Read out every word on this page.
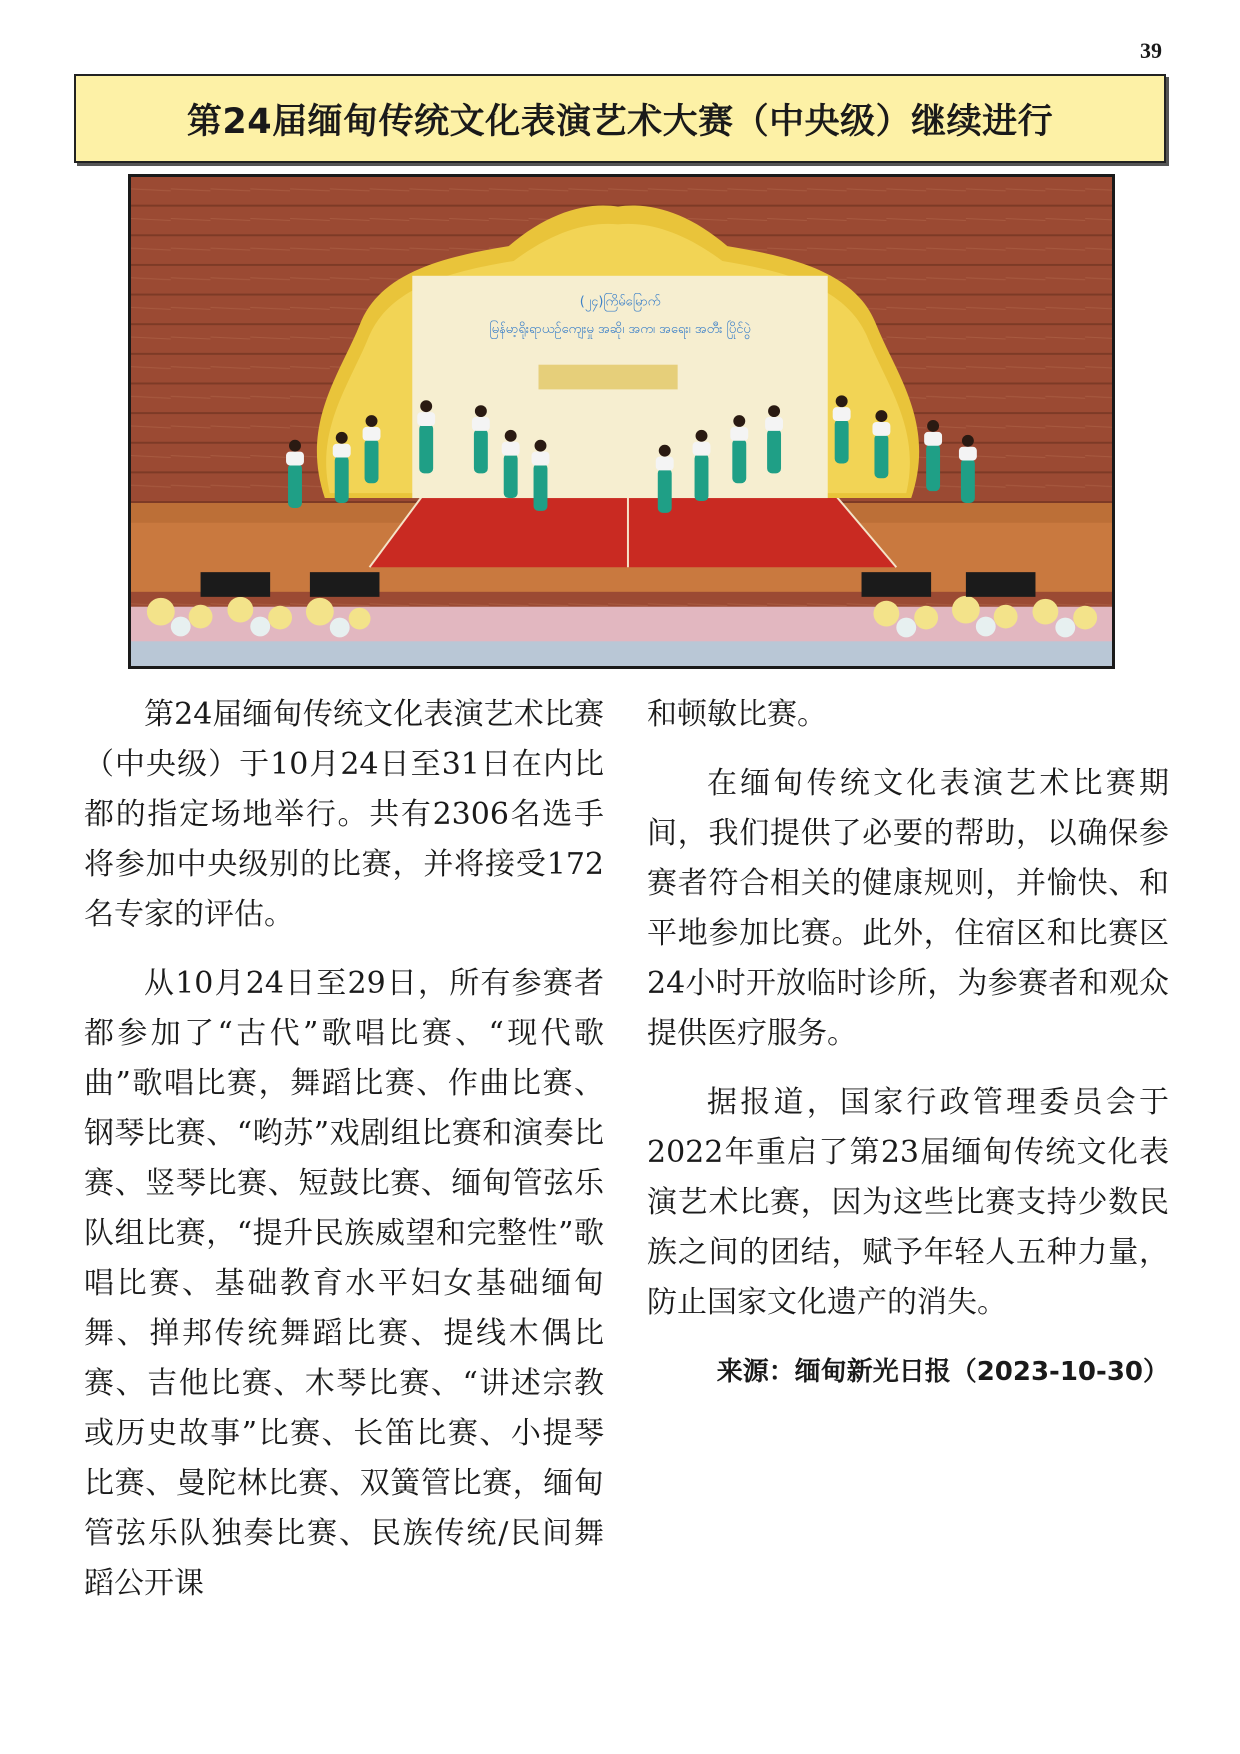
39
第24届缅甸传统文化表演艺术大赛（中央级）继续进行
(၂၄)ကြိမ်မြောက်
မြန်မာ့ရိုးရာယဉ်ကျေးမှု အဆို၊ အက၊ အရေး၊ အတီး ပြိုင်ပွဲ

第24届缅甸传统文化表演艺术比赛（中央级）于10月24日至31日在内比都的指定场地举行。共有2306名选手将参加中央级别的比赛，并将接受172名专家的评估。

从10月24日至29日，所有参赛者都参加了“古代”歌唱比赛、“现代歌曲”歌唱比赛，舞蹈比赛、作曲比赛、钢琴比赛、“哟苏”戏剧组比赛和演奏比赛、竖琴比赛、短鼓比赛、缅甸管弦乐队组比赛，“提升民族威望和完整性”歌唱比赛、基础教育水平妇女基础缅甸舞、掸邦传统舞蹈比赛、提线木偶比赛、吉他比赛、木琴比赛、“讲述宗教或历史故事”比赛、长笛比赛、小提琴比赛、曼陀林比赛、双簧管比赛，缅甸管弦乐队独奏比赛、民族传统/民间舞蹈公开课

和顿敏比赛。

在缅甸传统文化表演艺术比赛期间，我们提供了必要的帮助，以确保参赛者符合相关的健康规则，并愉快、和平地参加比赛。此外，住宿区和比赛区24小时开放临时诊所，为参赛者和观众提供医疗服务。

据报道，国家行政管理委员会于2022年重启了第23届缅甸传统文化表演艺术比赛，因为这些比赛支持少数民族之间的团结，赋予年轻人五种力量，防止国家文化遗产的消失。

来源：缅甸新光日报（2023-10-30）
